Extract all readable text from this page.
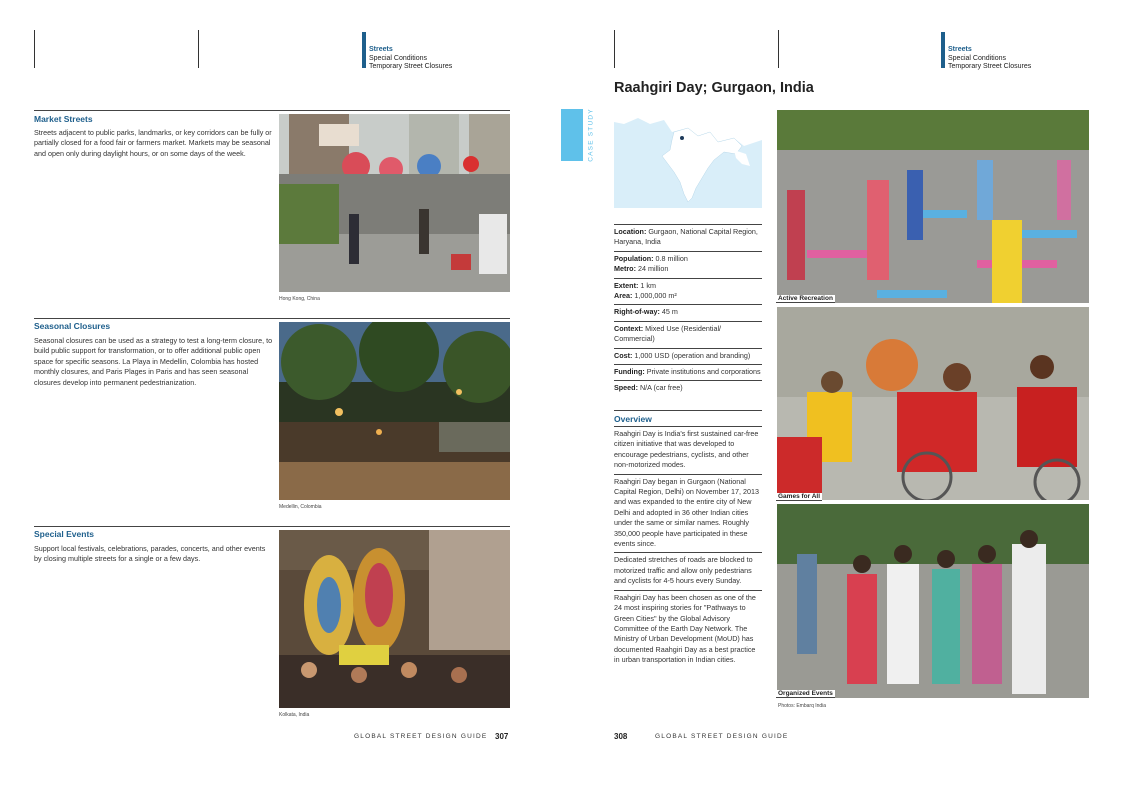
Streets
Special Conditions
Temporary Street Closures
Streets
Special Conditions
Temporary Street Closures
Market Streets
Streets adjacent to public parks, landmarks, or key corridors can be fully or partially closed for a food fair or farmers market. Markets may be seasonal and open only during daylight hours, or on some days of the week.
Hong Kong, China
Seasonal Closures
Seasonal closures can be used as a strategy to test a long-term closure, to build public support for transformation, or to offer additional public open space for specific seasons. La Playa in Medellin, Colombia has hosted monthly closures, and Paris Plages in Paris and has seen seasonal closures develop into permanent pedestrianization.
Medellin, Colombia
Special Events
Support local festivals, celebrations, parades, concerts, and other events by closing multiple streets for a single or a few days.
Kolkata, India
GLOBAL STREET DESIGN GUIDE 307
Raahgiri Day; Gurgaon, India
CASE STUDY
Location: Gurgaon, National Capital Region, Haryana, India
Population: 0.8 million
Metro: 24 million
Extent: 1 km
Area: 1,000,000 m²
Right-of-way: 45 m
Context: Mixed Use (Residential/ Commercial)
Cost: 1,000 USD (operation and branding)
Funding: Private institutions and corporations
Speed: N/A (car free)
Overview
Raahgiri Day is India's first sustained car-free citizen initiative that was developed to encourage pedestrians, cyclists, and other non-motorized modes.
Raahgiri Day began in Gurgaon (National Capital Region, Delhi) on November 17, 2013 and was expanded to the entire city of New Delhi and adopted in 36 other Indian cities under the same or similar names. Roughly 350,000 people have participated in these events since.
Dedicated stretches of roads are blocked to motorized traffic and allow only pedestrians and cyclists for 4-5 hours every Sunday.
Raahgiri Day has been chosen as one of the 24 most inspiring stories for "Pathways to Green Cities" by the Global Advisory Committee of the Earth Day Network. The Ministry of Urban Development (MoUD) has documented Raahgiri Day as a best practice in urban transportation in Indian cities.
Active Recreation
Games for All
Organized Events
Photos: Embarq India
308	GLOBAL STREET DESIGN GUIDE
